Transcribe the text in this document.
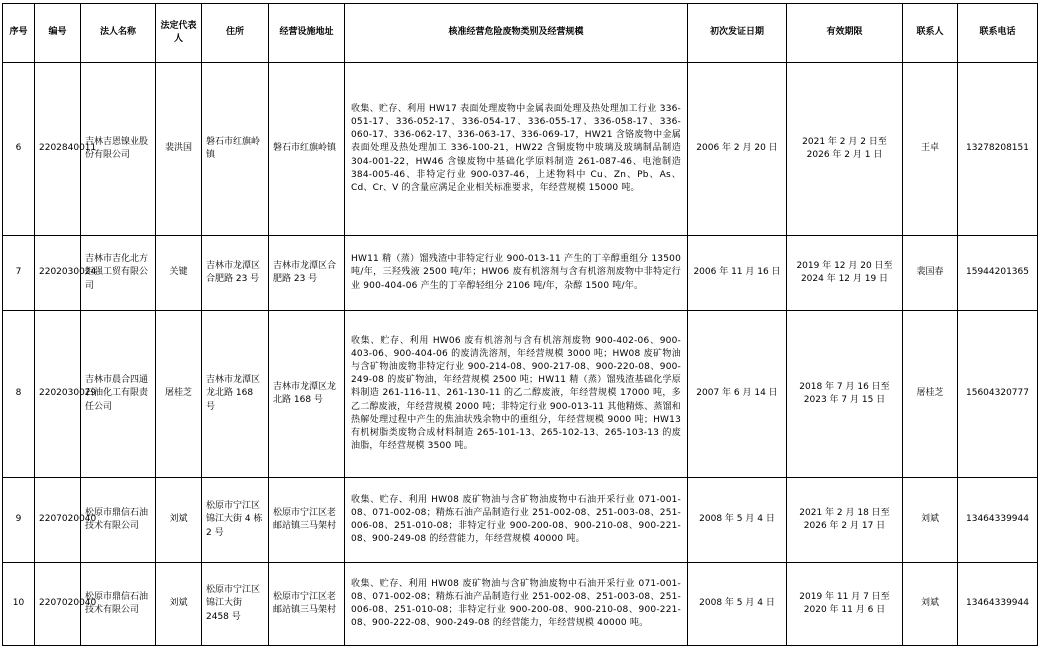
序号	编号	法人名称	法定代表人	住所	经营设施地址	核准经营危险废物类别及经营规模	初次发证日期	有效期限	联系人	联系电话
6	2202840011	吉林吉恩镍业股份有限公司	裴洪国	磐石市红旗岭镇	磐石市红旗岭镇	收集、贮存、利用 HW17 表面处理废物中金属表面处理及热处理加工行业 336-051-17、336-052-17、336-054-17、336-055-17、336-058-17、336-060-17、336-062-17、336-063-17、336-069-17，HW21 含铬废物中金属表面处理及热处理加工 336-100-21，HW22 含铜废物中玻璃及玻璃制品制造 304-001-22，HW46 含镍废物中基础化学原料制造 261-087-46、电池制造 384-005-46、非特定行业 900-037-46，上述物料中 Cu、Zn、Pb、As、Cd、Cr、V 的含量应满足企业相关标准要求，年经营规模 15000 吨。	2006 年 2 月 20 日	2021 年 2 月 2 日至 2026 年 2 月 1 日	王卓	13278208151
7	2202030024	吉林市吉化北方炬强工贸有限公司	关键	吉林市龙潭区合肥路 23 号	吉林市龙潭区合肥路 23 号	HW11 精（蒸）馏残渣中非特定行业 900-013-11 产生的丁辛醇重组分 13500 吨/年，三羟残液 2500 吨/年；HW06 废有机溶剂与含有机溶剂废物中非特定行业 900-404-06 产生的丁辛醇轻组分 2106 吨/年，杂醇 1500 吨/年。	2006 年 11 月 16 日	2019 年 12 月 20 日至 2024 年 12 月 19 日	裴国春	15944201365
8	2202030029	吉林市晨合四通石油化工有限责任公司	屠桂芝	吉林市龙潭区龙北路 168 号	吉林市龙潭区龙北路 168 号	收集、贮存、利用 HW06 废有机溶剂与含有机溶剂废物 900-402-06、900-403-06、900-404-06 的废清洗溶剂，年经营规模 3000 吨；HW08 废矿物油与含矿物油废物非特定行业 900-214-08、900-217-08、900-220-08、900-249-08 的废矿物油，年经营规模 2500 吨；HW11 精（蒸）馏残渣基础化学原料制造 261-116-11、261-130-11 的乙二醇废液，年经营规模 17000 吨，多乙二醇废液，年经营规模 2000 吨；非特定行业 900-013-11 其他精炼、蒸馏和热解处理过程中产生的焦油状残余物中的重组分，年经营规模 9000 吨；HW13 有机树脂类废物合成材料制造 265-101-13、265-102-13、265-103-13 的废油脂，年经营规模 3500 吨。	2007 年 6 月 14 日	2018 年 7 月 16 日至 2023 年 7 月 15 日	屠桂芝	15604320777
9	2207020040	松原市鼎信石油技术有限公司	刘斌	松原市宁江区锦江大街 4 栋 2 号	松原市宁江区老邮站镇三马架村	收集、贮存、利用 HW08 废矿物油与含矿物油废物中石油开采行业 071-001-08、071-002-08；精炼石油产品制造行业 251-002-08、251-003-08、251-006-08、251-010-08；非特定行业 900-200-08、900-210-08、900-221-08、900-249-08 的经营能力，年经营规模 40000 吨。	2008 年 5 月 4 日	2021 年 2 月 18 日至 2026 年 2 月 17 日	刘斌	13464339944
10	2207020040	松原市鼎信石油技术有限公司	刘斌	松原市宁江区锦江大街 2458 号	松原市宁江区老邮站镇三马架村	收集、贮存、利用 HW08 废矿物油与含矿物油废物中石油开采行业 071-001-08、071-002-08；精炼石油产品制造行业 251-002-08、251-003-08、251-006-08、251-010-08；非特定行业 900-200-08、900-210-08、900-221-08、900-222-08、900-249-08 的经营能力，年经营规模 40000 吨。	2008 年 5 月 4 日	2019 年 11 月 7 日至 2020 年 11 月 6 日	刘斌	13464339944
